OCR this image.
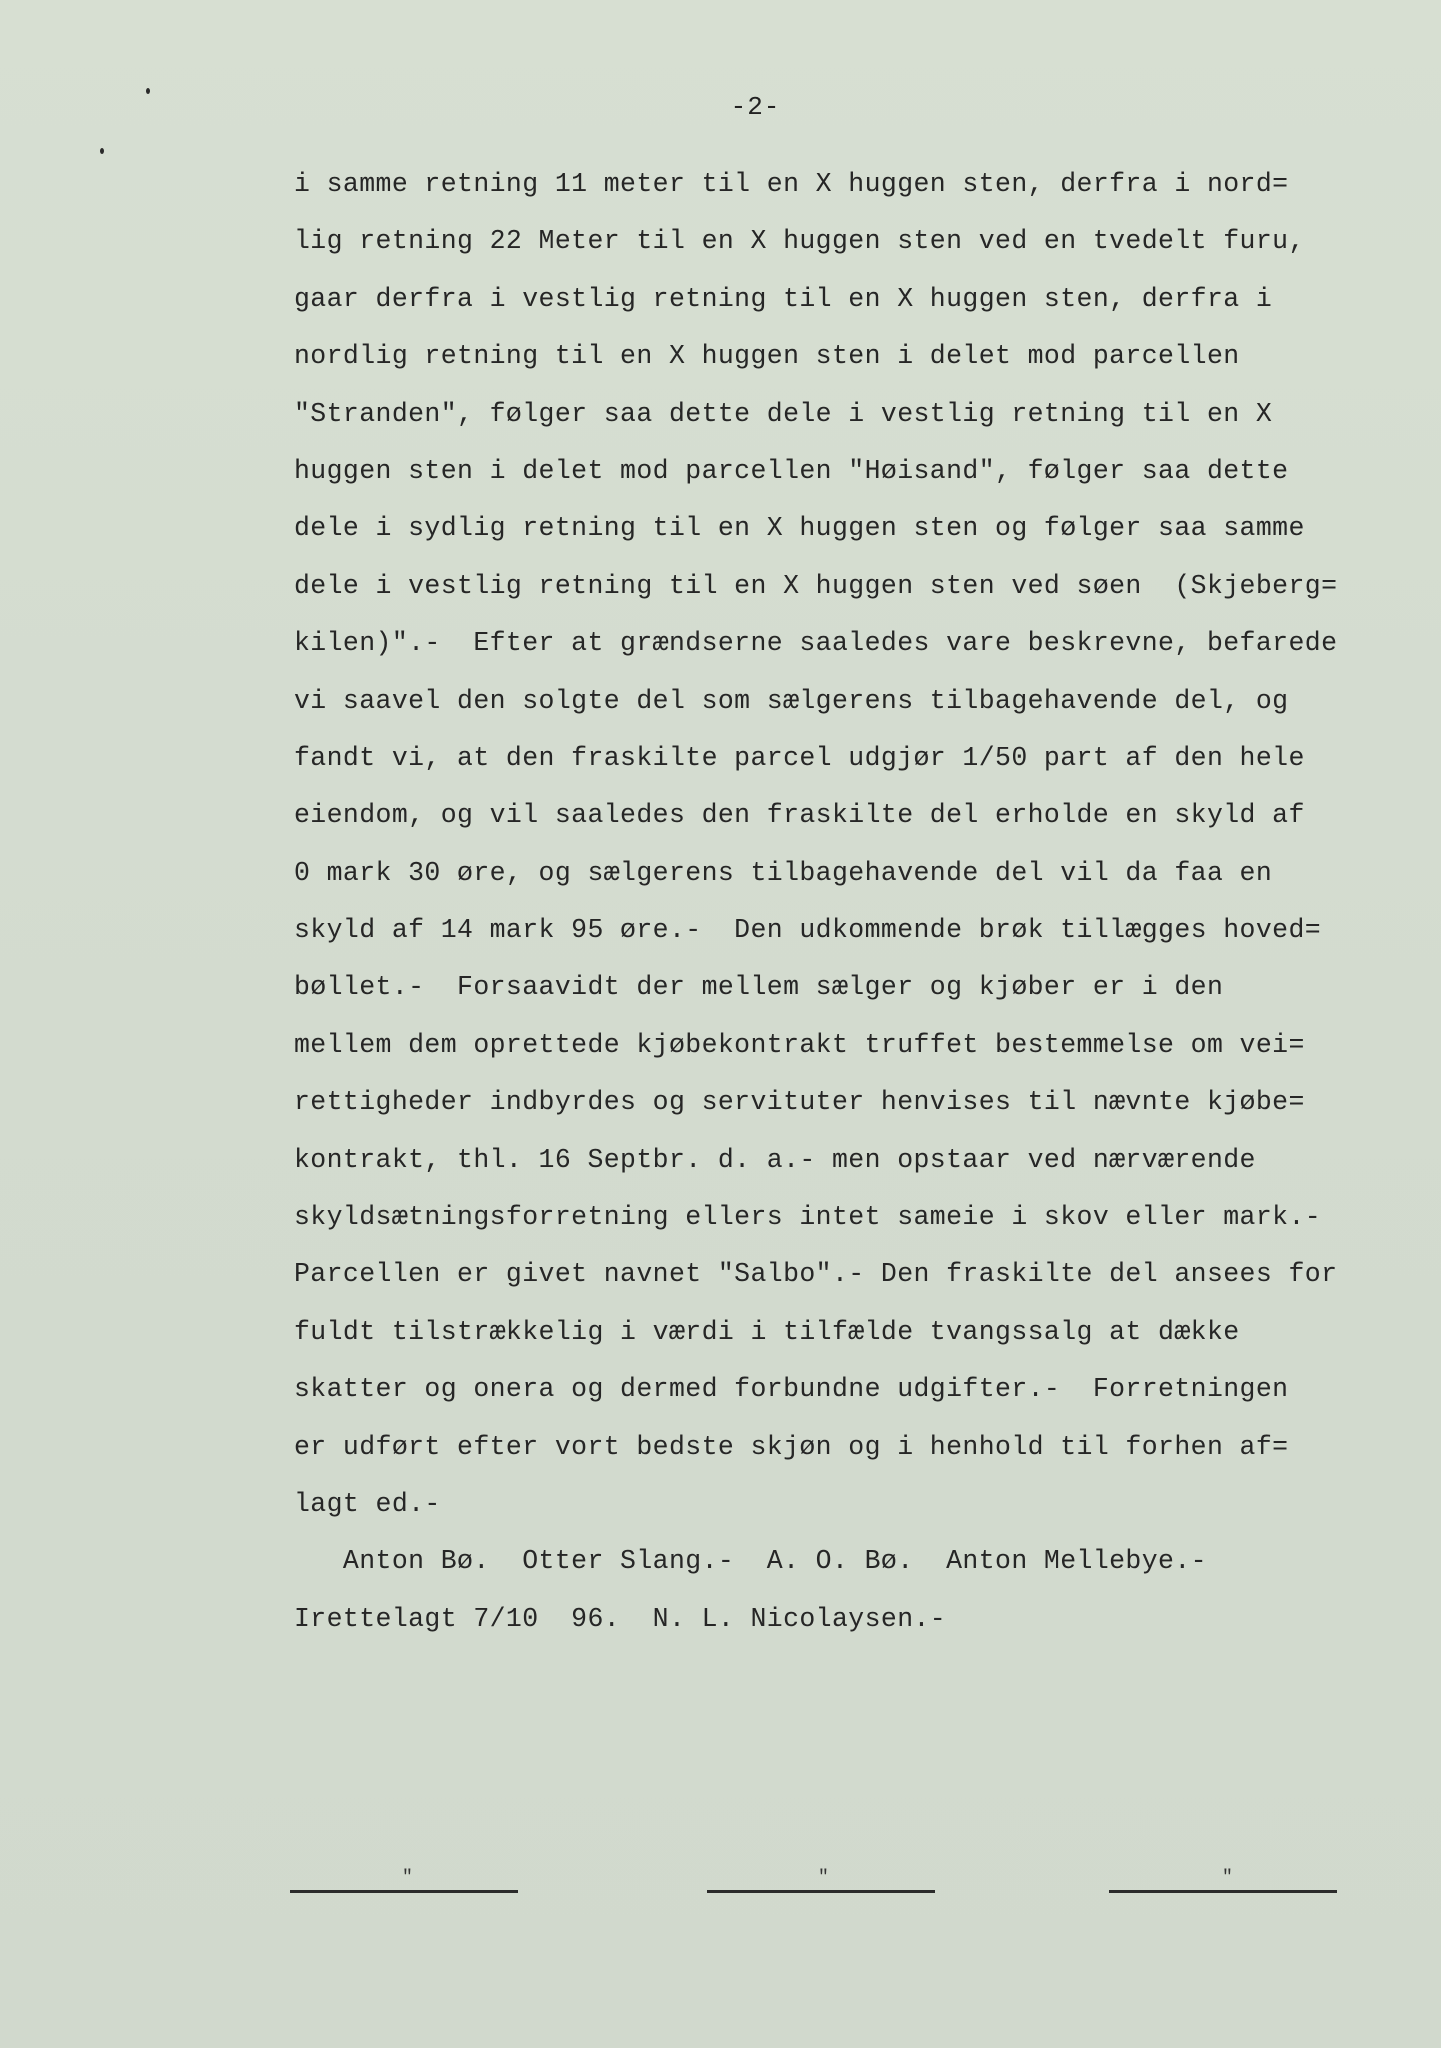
-2-
i samme retning 11 meter til en X huggen sten, derfra i nord=
lig retning 22 Meter til en X huggen sten ved en tvedelt furu,
gaar derfra i vestlig retning til en X huggen sten, derfra i
nordlig retning til en X huggen sten i delet mod parcellen
"Stranden", følger saa dette dele i vestlig retning til en X
huggen sten i delet mod parcellen "Høisand", følger saa dette
dele i sydlig retning til en X huggen sten og følger saa samme
dele i vestlig retning til en X huggen sten ved søen  (Skjeberg=
kilen)".-  Efter at grændserne saaledes vare beskrevne, befarede
vi saavel den solgte del som sælgerens tilbagehavende del, og
fandt vi, at den fraskilte parcel udgjør 1/50 part af den hele
eiendom, og vil saaledes den fraskilte del erholde en skyld af
0 mark 30 øre, og sælgerens tilbagehavende del vil da faa en
skyld af 14 mark 95 øre.-  Den udkommende brøk tillægges hoved=
bøllet.-  Forsaavidt der mellem sælger og kjøber er i den
mellem dem oprettede kjøbekontrakt truffet bestemmelse om vei=
rettigheder indbyrdes og servituter henvises til nævnte kjøbe=
kontrakt, thl. 16 Septbr. d. a.- men opstaar ved nærværende
skyldsætningsforretning ellers intet sameie i skov eller mark.-
Parcellen er givet navnet "Salbo".- Den fraskilte del ansees for
fuldt tilstrækkelig i værdi i tilfælde tvangssalg at dække
skatter og onera og dermed forbundne udgifter.-  Forretningen
er udført efter vort bedste skjøn og i henhold til forhen af=
lagt ed.-
Anton Bø.  Otter Slang.-  A. O. Bø.  Anton Mellebye.-
Irettelagt 7/10  96.  N. L. Nicolaysen.-
"	"	"
